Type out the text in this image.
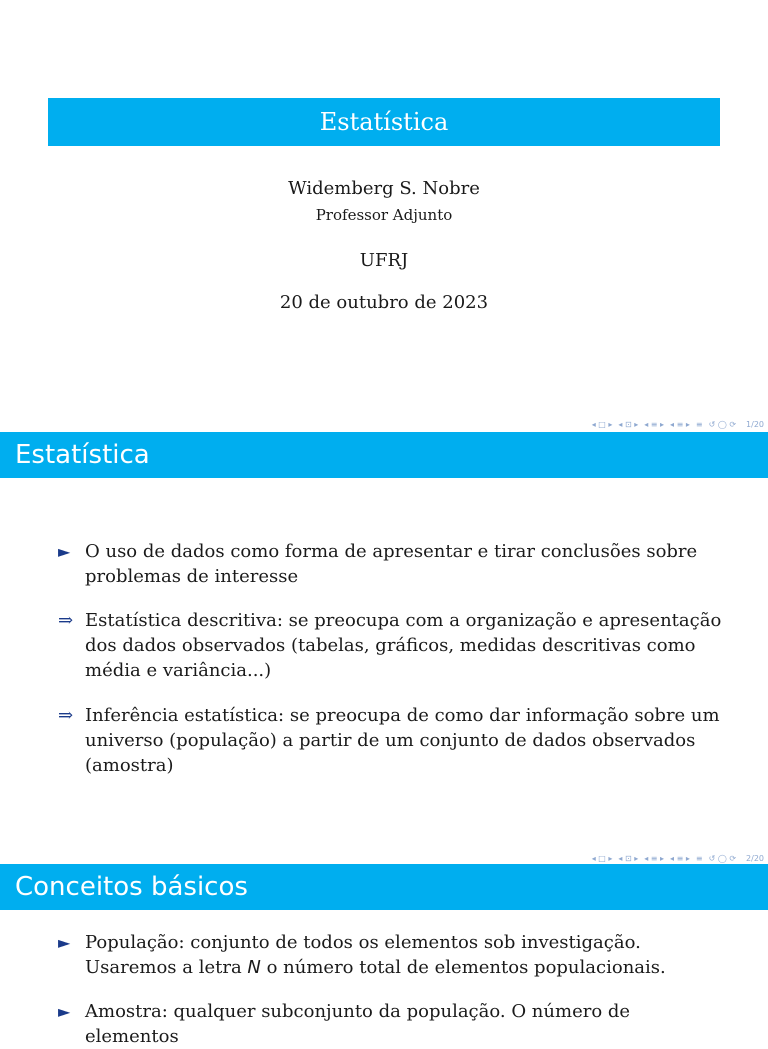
Estatística
Widemberg S. Nobre
Professor Adjunto
UFRJ
20 de outubro de 2023
◂ □ ▸ ◂ ⊡ ▸ ◂ ≡ ▸ ◂ ≡ ▸ ≡ ↺ ◯ ⟳ 1/20
Estatística
► O uso de dados como forma de apresentar e tirar conclusões sobre problemas de interesse
⇒ Estatística descritiva: se preocupa com a organização e apresentação dos dados observados (tabelas, gráficos, medidas descritivas como média e variância...)
⇒ Inferência estatística: se preocupa de como dar informação sobre um universo (população) a partir de um conjunto de dados observados (amostra)
◂ □ ▸ ◂ ⊡ ▸ ◂ ≡ ▸ ◂ ≡ ▸ ≡ ↺ ◯ ⟳ 2/20
Conceitos básicos
► População: conjunto de todos os elementos sob investigação.
Usaremos a letra N o número total de elementos populacionais.
► Amostra: qualquer subconjunto da população. O número de elementos
